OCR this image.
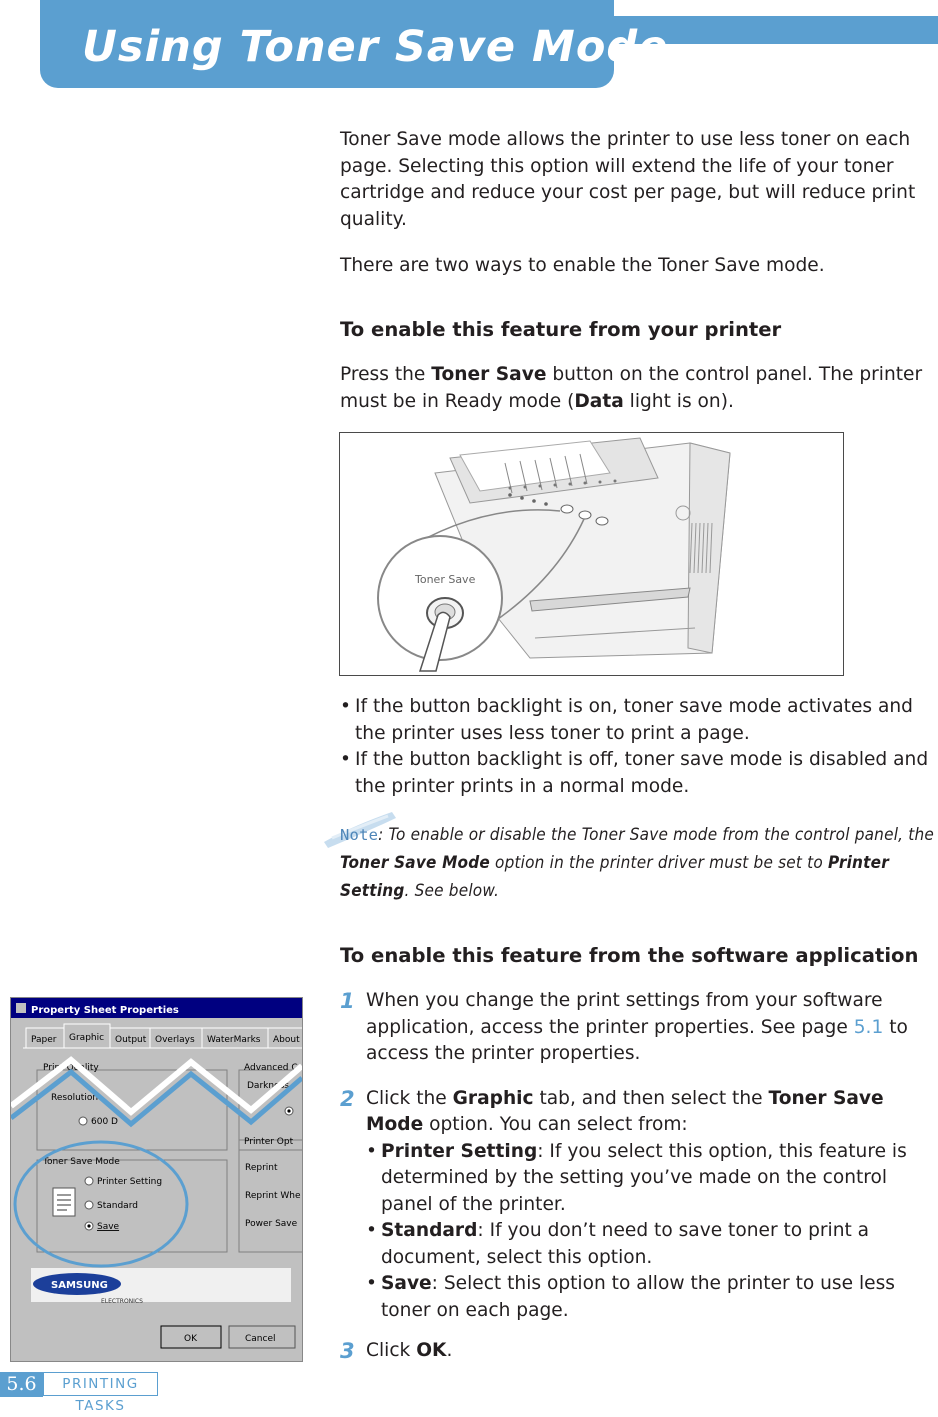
Using Toner Save Mode

Toner Save mode allows the printer to use less toner on each page. Selecting this option will extend the life of your toner cartridge and reduce your cost per page, but will reduce print quality.

There are two ways to enable the Toner Save mode.

To enable this feature from your printer

Press the Toner Save button on the control panel. The printer must be in Ready mode (Data light is on).

Toner Save
• If the button backlight is on, toner save mode activates and the printer uses less toner to print a page.
• If the button backlight is off, toner save mode is disabled and the printer prints in a normal mode.
Note: To enable or disable the Toner Save mode from the control panel, the Toner Save Mode option in the printer driver must be set to Printer Setting. See below.
To enable this feature from the software application
1 When you change the print settings from your software application, access the printer properties. See page 5.1 to access the printer properties.
2 Click the Graphic tab, and then select the Toner Save Mode option. You can select from:
• Printer Setting: If you select this option, this feature is determined by the setting you’ve made on the control panel of the printer.
• Standard: If you don’t need to save toner to print a document, select this option.
• Save: Select this option to allow the printer to use less toner on each page.
3 Click OK.
Property Sheet Properties
Paper Graphic Output Overlays WaterMarks About
Print Quality
Resolution
600 D
Advanced C
Darkness
Toner Save Mode
Printer Setting
Standard
Save
Printer Opt
Reprint
Reprint Whe
Power Save
SAMSUNG
ELECTRONICS
OK	Cancel
5.6	PRINTING TASKS
